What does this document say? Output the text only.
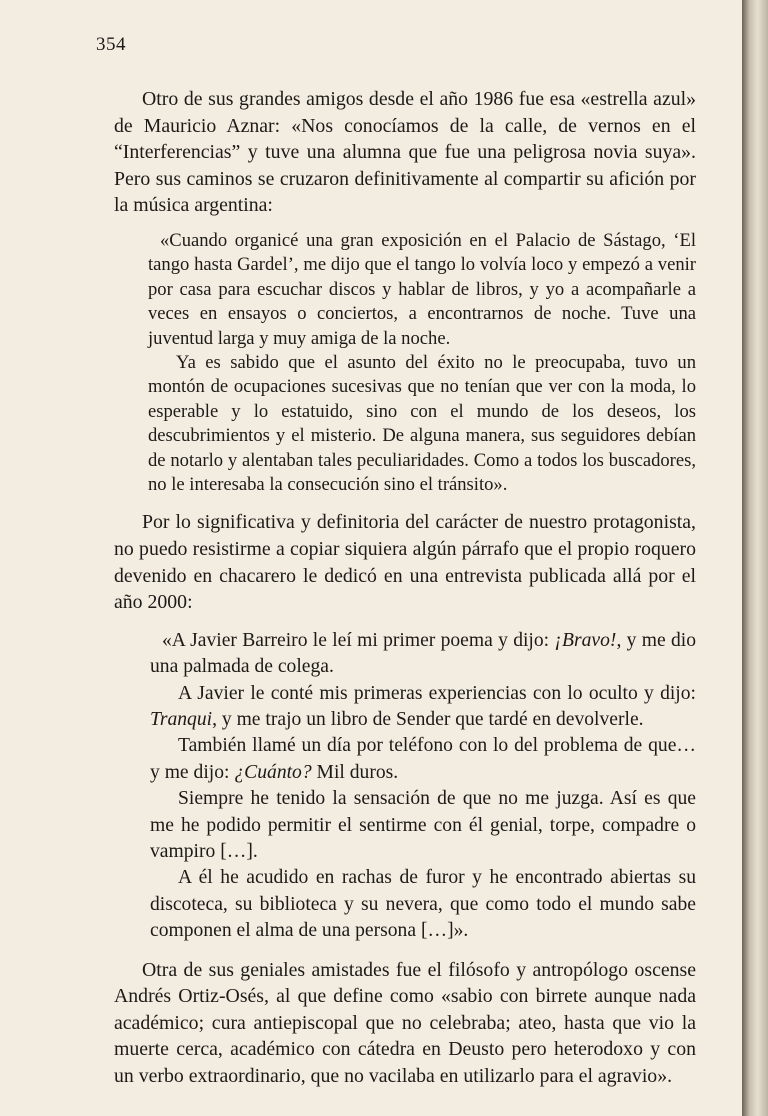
354

Otro de sus grandes amigos desde el año 1986 fue esa «estrella azul» de Mauricio Aznar: «Nos conocíamos de la calle, de vernos en el “Interferencias” y tuve una alumna que fue una peligrosa novia suya». Pero sus caminos se cruzaron definitivamente al compartir su afición por la música argentina:

«Cuando organicé una gran exposición en el Palacio de Sástago, ‘El tango hasta Gardel’, me dijo que el tango lo volvía loco y empezó a venir por casa para escuchar discos y hablar de libros, y yo a acompañarle a veces en ensayos o conciertos, a encontrarnos de noche. Tuve una juventud larga y muy amiga de la noche.

Ya es sabido que el asunto del éxito no le preocupaba, tuvo un montón de ocupaciones sucesivas que no tenían que ver con la moda, lo esperable y lo estatuido, sino con el mundo de los deseos, los descubrimientos y el misterio. De alguna manera, sus seguidores debían de notarlo y alentaban tales peculiaridades. Como a todos los buscadores, no le interesaba la consecución sino el tránsito».

Por lo significativa y definitoria del carácter de nuestro protagonista, no puedo resistirme a copiar siquiera algún párrafo que el propio roquero devenido en chacarero le dedicó en una entrevista publicada allá por el año 2000:

«A Javier Barreiro le leí mi primer poema y dijo: ¡Bravo!, y me dio una palmada de colega.

A Javier le conté mis primeras experiencias con lo oculto y dijo: Tranqui, y me trajo un libro de Sender que tardé en devolverle.

También llamé un día por teléfono con lo del problema de que… y me dijo: ¿Cuánto? Mil duros.

Siempre he tenido la sensación de que no me juzga. Así es que me he podido permitir el sentirme con él genial, torpe, compadre o vampiro […].

A él he acudido en rachas de furor y he encontrado abiertas su discoteca, su biblioteca y su nevera, que como todo el mundo sabe componen el alma de una persona […]».

Otra de sus geniales amistades fue el filósofo y antropólogo oscense Andrés Ortiz-Osés, al que define como «sabio con birrete aunque nada académico; cura antiepiscopal que no celebraba; ateo, hasta que vio la muerte cerca, académico con cátedra en Deusto pero heterodoxo y con un verbo extraordinario, que no vacilaba en utilizarlo para el agravio».
